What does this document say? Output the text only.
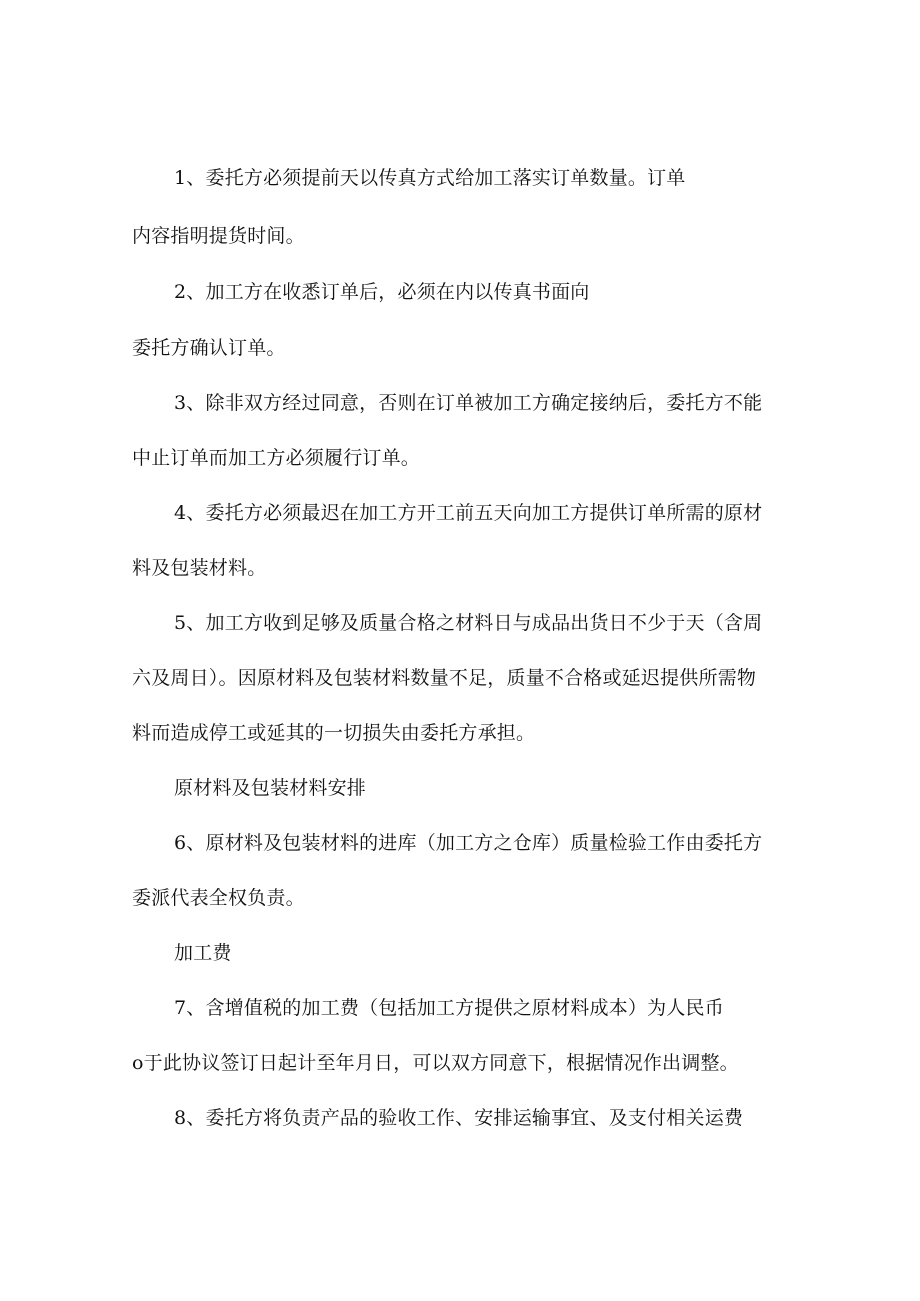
1、委托方必须提前天以传真方式给加工落实订单数量。订单
内容指明提货时间。
2、加工方在收悉订单后，必须在内以传真书面向
委托方确认订单。
3、除非双方经过同意，否则在订单被加工方确定接纳后，委托方不能
中止订单而加工方必须履行订单。
4、委托方必须最迟在加工方开工前五天向加工方提供订单所需的原材
料及包装材料。
5、加工方收到足够及质量合格之材料日与成品出货日不少于天（含周
六及周日）。因原材料及包装材料数量不足，质量不合格或延迟提供所需物
料而造成停工或延其的一切损失由委托方承担。
原材料及包装材料安排
6、原材料及包装材料的进库（加工方之仓库）质量检验工作由委托方
委派代表全权负责。
加工费
7、含增值税的加工费（包括加工方提供之原材料成本）为人民币
o于此协议签订日起计至年月日，可以双方同意下，根据情况作出调整。
8、委托方将负责产品的验收工作、安排运输事宜、及支付相关运费
